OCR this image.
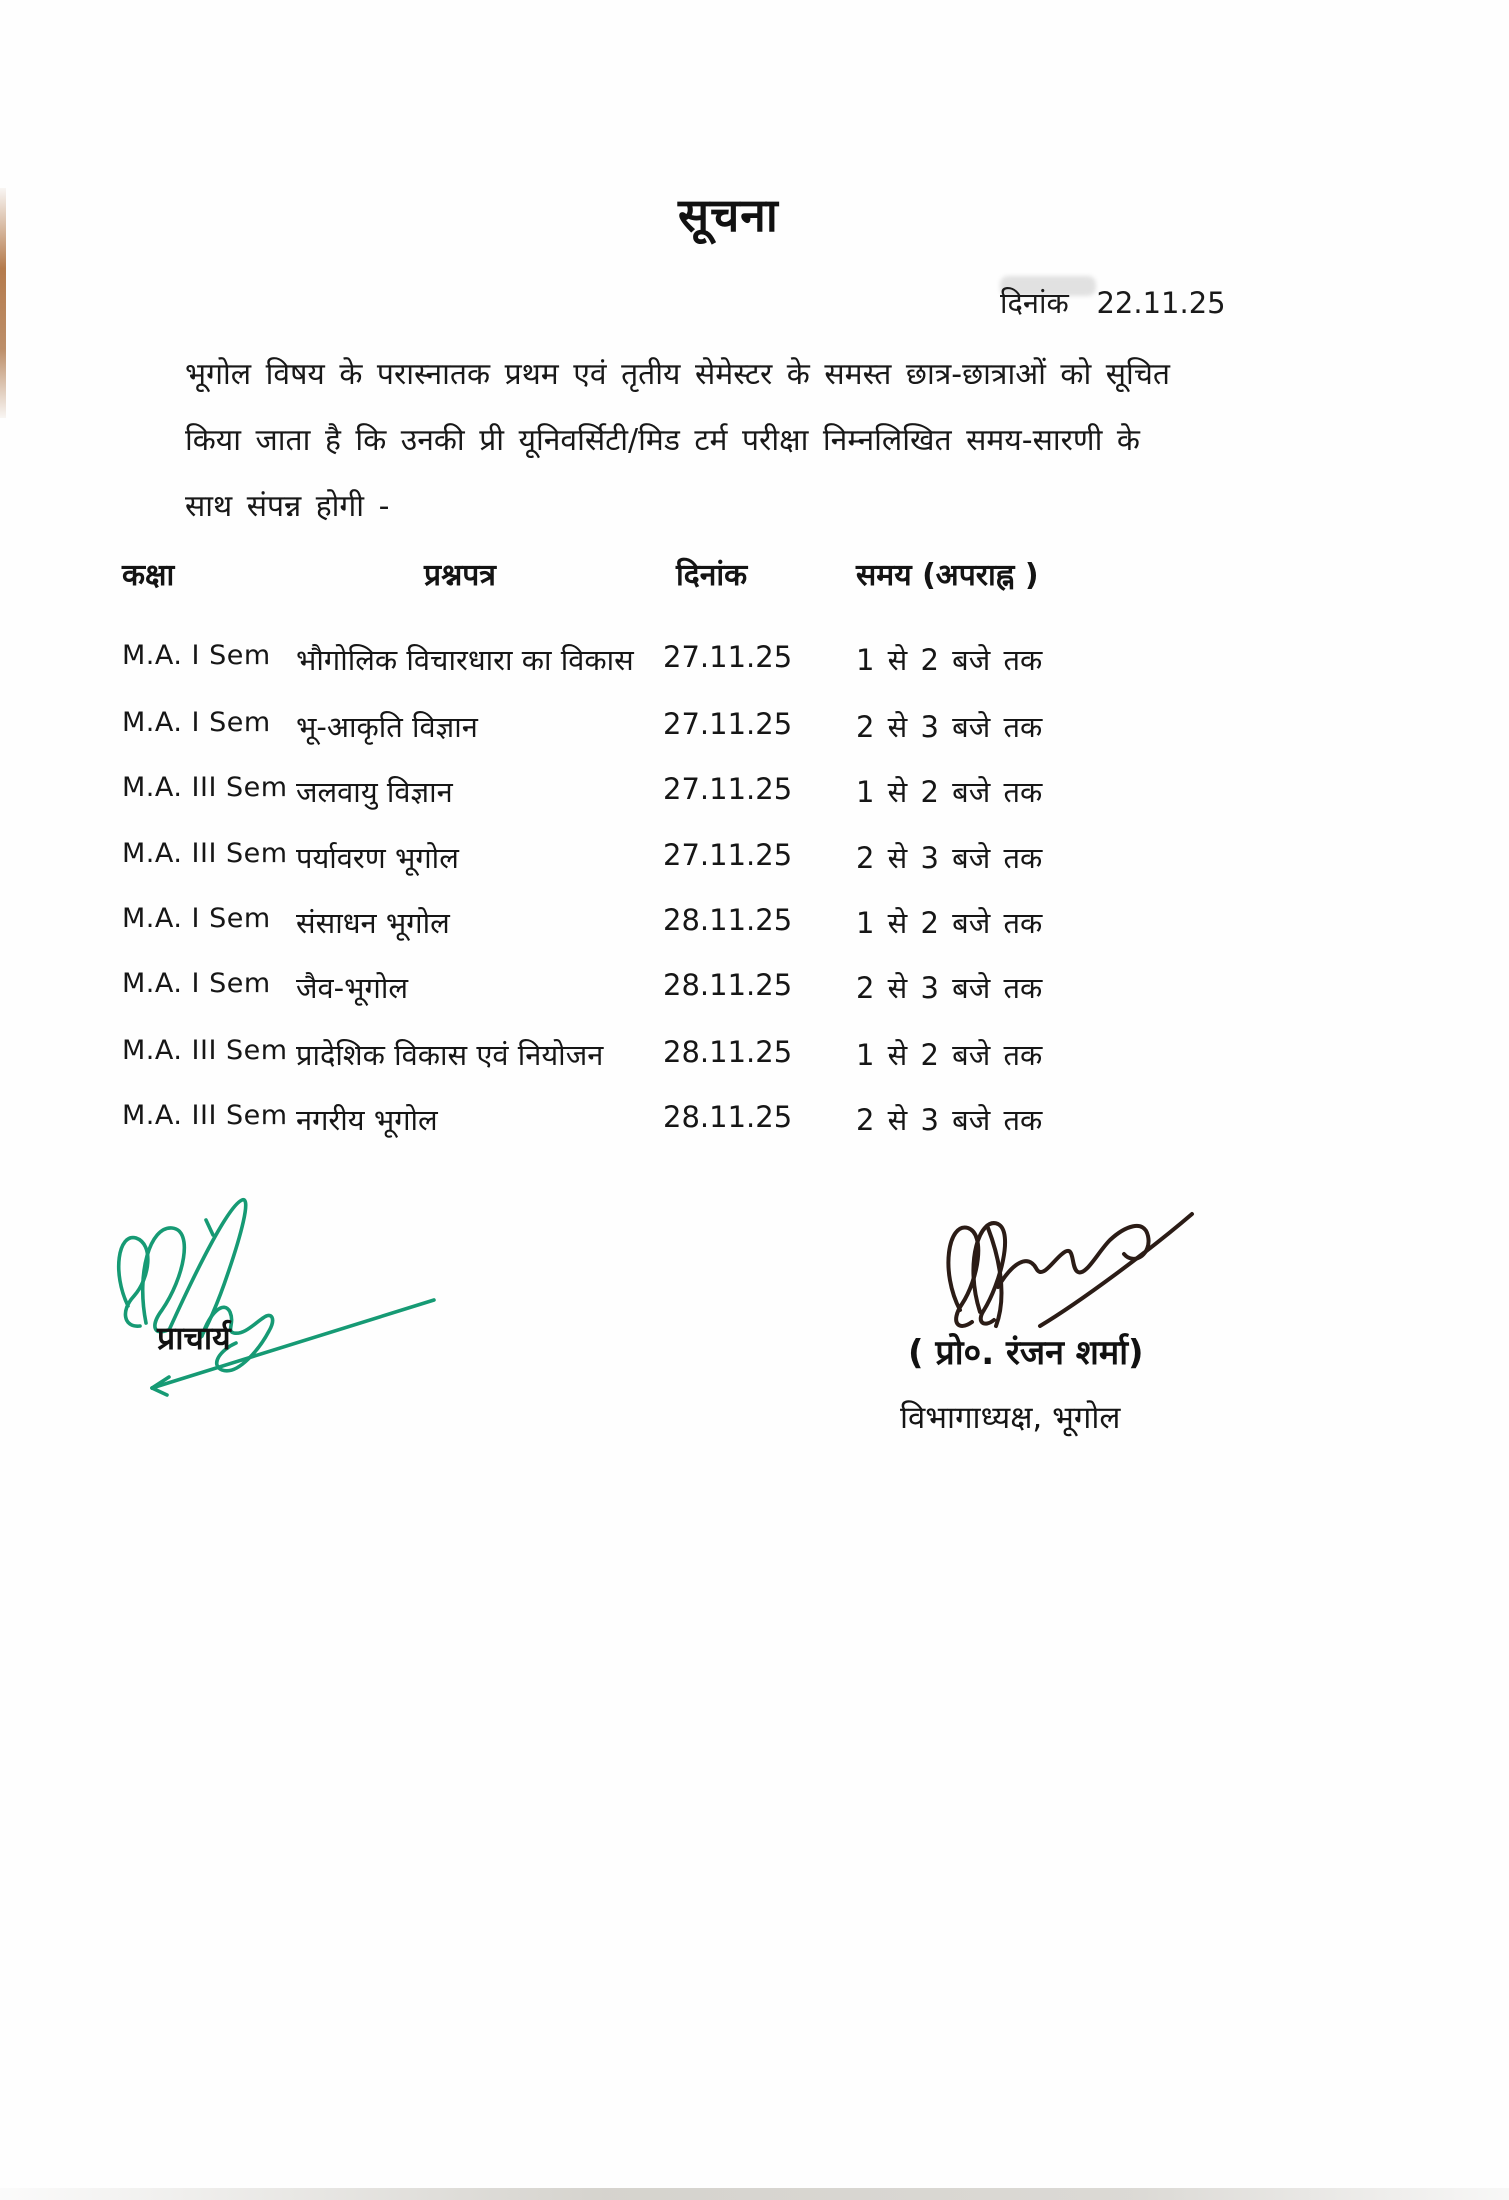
सूचना
दिनांक 22.11.25
भूगोल विषय के परास्नातक प्रथम एवं तृतीय सेमेस्टर के समस्त छात्र-छात्राओं को सूचित
किया जाता है कि उनकी प्री यूनिवर्सिटी/मिड टर्म परीक्षा निम्नलिखित समय-सारणी के
साथ संपन्न होगी -
कक्षा	प्रश्नपत्र	दिनांक	समय (अपराह्न )
M.A. I Sem भौगोलिक विचारधारा का विकास 27.11.25 1 से 2 बजे तक
M.A. I Sem भू-आकृति विज्ञान	27.11.25 2 से 3 बजे तक
M.A. III Sem जलवायु विज्ञान	27.11.25 1 से 2 बजे तक
M.A. III Sem पर्यावरण भूगोल	27.11.25 2 से 3 बजे तक
M.A. I Sem संसाधन भूगोल	28.11.25 1 से 2 बजे तक
M.A. I Sem जैव-भूगोल	28.11.25 2 से 3 बजे तक
M.A. III Sem प्रादेशिक विकास एवं नियोजन 28.11.25 1 से 2 बजे तक
M.A. III Sem नगरीय भूगोल	28.11.25 2 से 3 बजे तक
प्राचार्य	( प्रो०. रंजन शर्मा)
विभागाध्यक्ष, भूगोल
